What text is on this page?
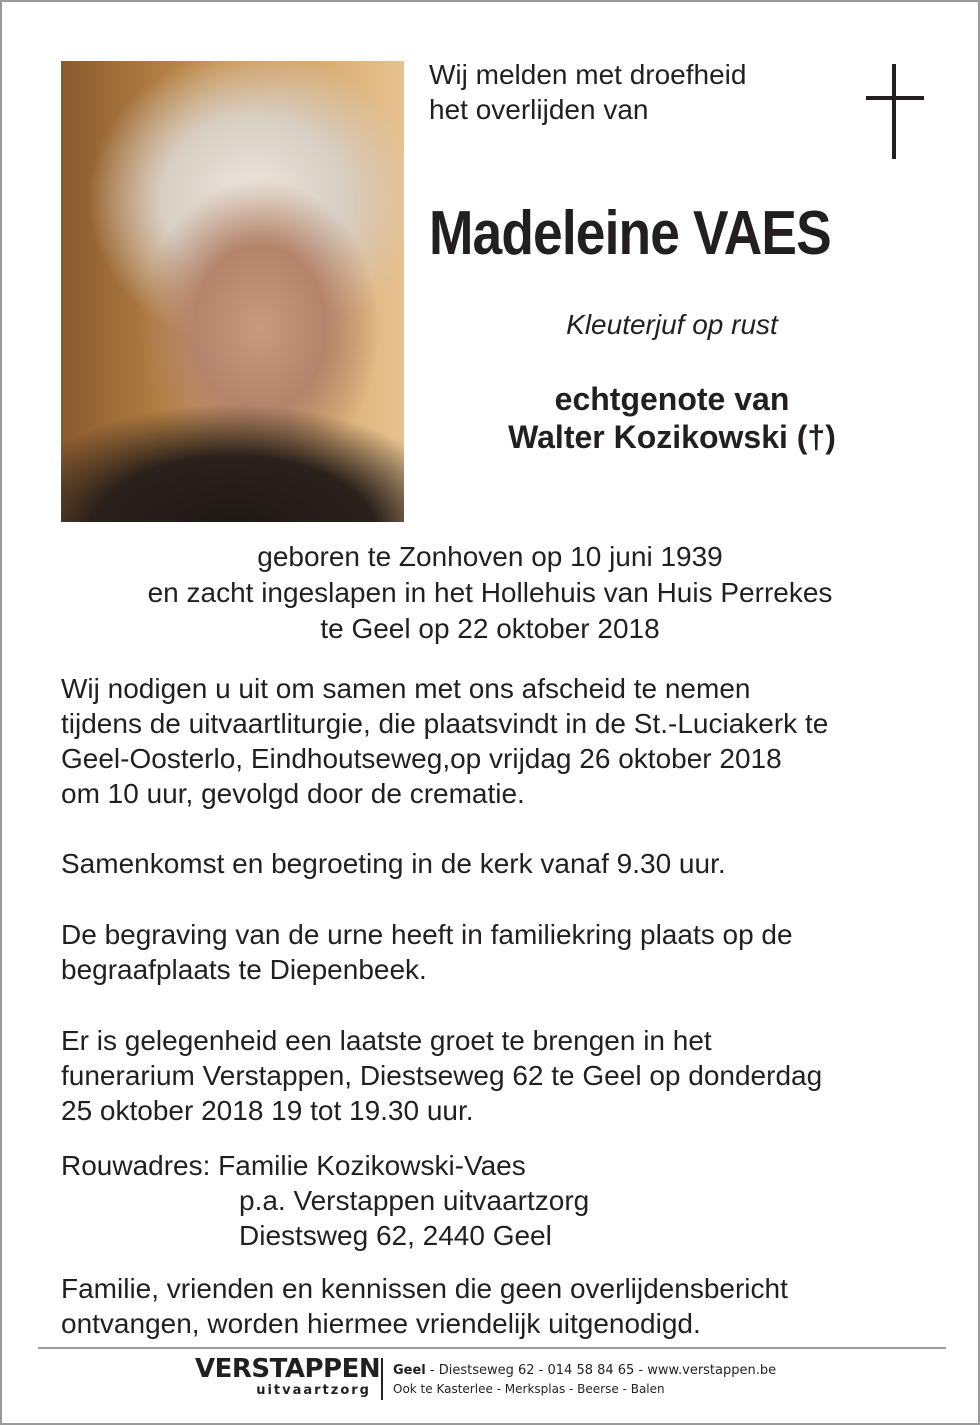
Wij melden met droefheid
het overlijden van
Madeleine VAES
Kleuterjuf op rust
echtgenote van
Walter Kozikowski (†)
geboren te Zonhoven op 10 juni 1939
en zacht ingeslapen in het Hollehuis van Huis Perrekes
te Geel op 22 oktober 2018
Wij nodigen u uit om samen met ons afscheid te nemen
tijdens de uitvaartliturgie, die plaatsvindt in de St.-Luciakerk te
Geel-Oosterlo, Eindhoutseweg,op vrijdag 26 oktober 2018
om 10 uur, gevolgd door de crematie.
Samenkomst en begroeting in de kerk vanaf 9.30 uur.
De begraving van de urne heeft in familiekring plaats op de
begraafplaats te Diepenbeek.
Er is gelegenheid een laatste groet te brengen in het
funerarium Verstappen, Diestseweg 62 te Geel op donderdag
25 oktober 2018 19 tot 19.30 uur.
Rouwadres: Familie Kozikowski-Vaes
p.a. Verstappen uitvaartzorg
Diestsweg 62, 2440 Geel
Familie, vrienden en kennissen die geen overlijdensbericht
ontvangen, worden hiermee vriendelijk uitgenodigd.
VERSTAPPEN
uitvaartzorg
Geel - Diestseweg 62 - 014 58 84 65 - www.verstappen.be
Ook te Kasterlee - Merksplas - Beerse - Balen
